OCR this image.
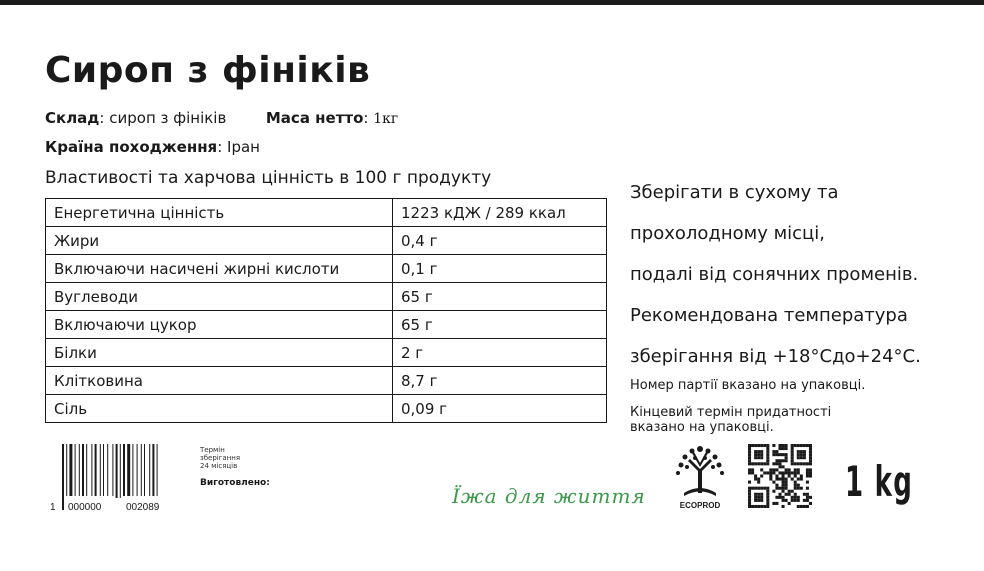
Сироп з фініків
Склад: сироп з фініків	Маса нетто: 1кг
Країна походження: Іран
Властивості та харчова цінність в 100 г продукту
Енергетична цінність	1223 кДЖ / 289 ккал
Жири	0,4 г
Включаючи насичені жирні кислоти	0,1 г
Вуглеводи	65 г
Включаючи цукор	65 г
Білки	2 г
Клітковина	8,7 г
Сіль	0,09 г
Зберігати в сухому та
прохолодному місці,
подалі від сонячних променів.
Рекомендована температура
зберігання від +18°Сдо+24°С.
Номер партії вказано на упаковці.
Кінцевий термін придатності
вказано на упаковці.
1 000000 002089
Термін
зберігання
24 місяців
Виготовлено:
Їжа для життя	ECOPROD	1 kg
